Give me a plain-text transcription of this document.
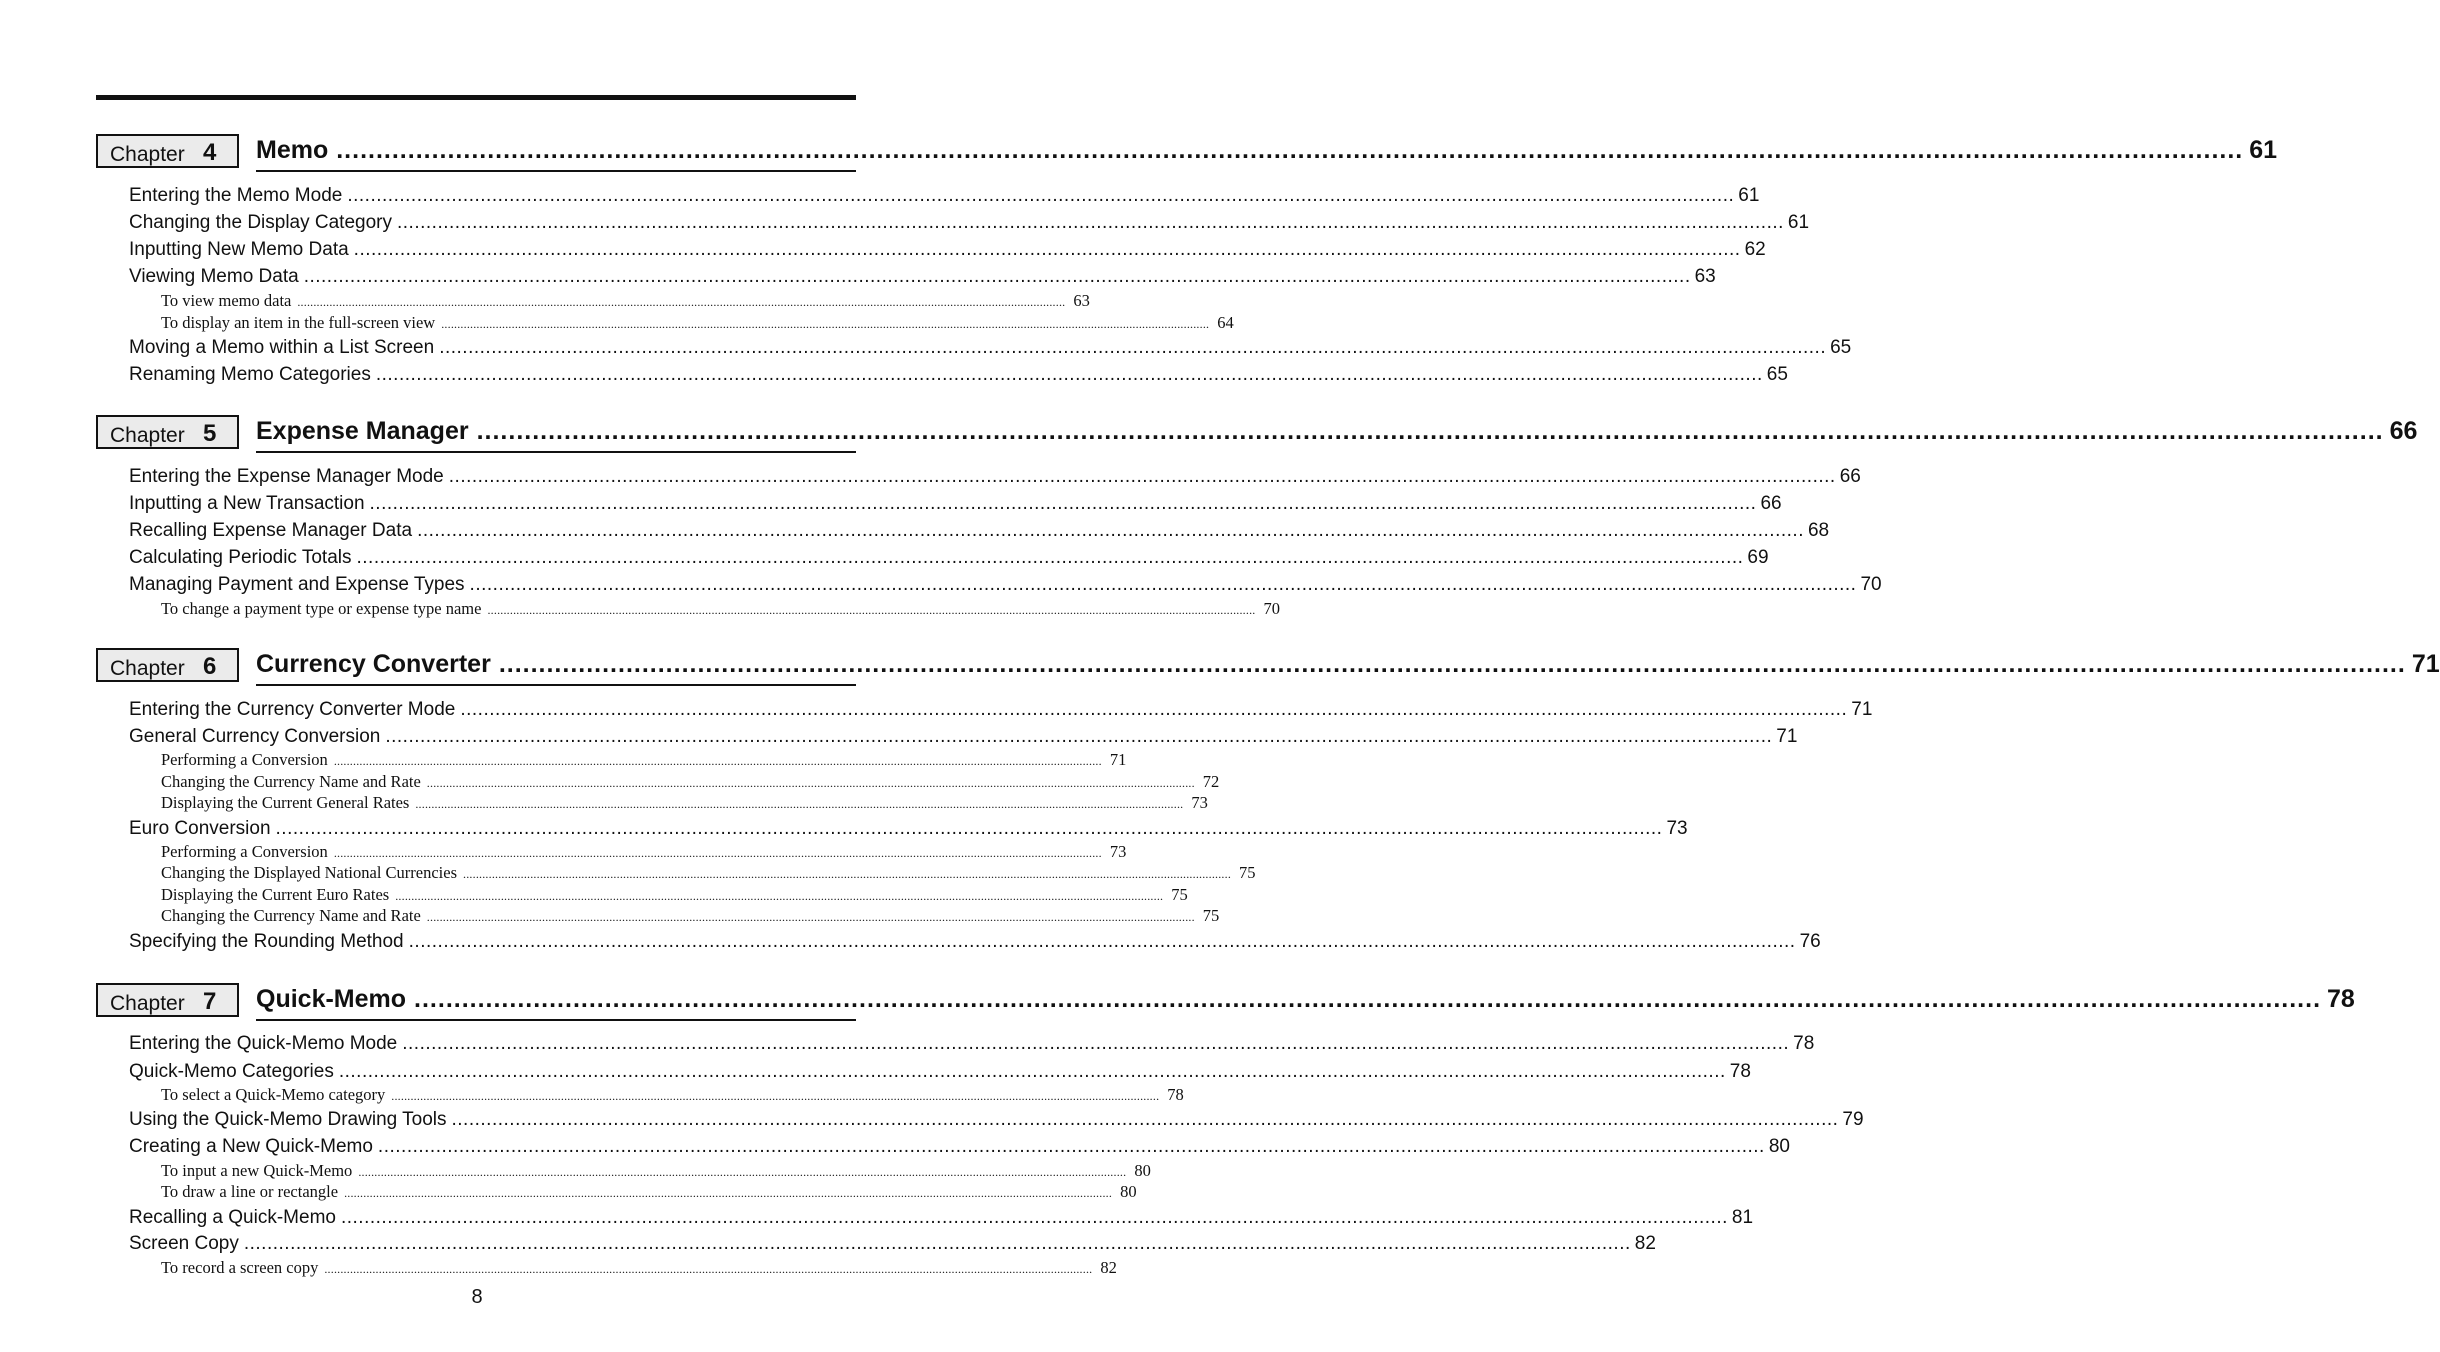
Chapter 4 Memo ................................................................................................................................................................................................................................................ 61
Entering the Memo Mode ................................................................................................................................................................................................................................................ 61
Changing the Display Category ................................................................................................................................................................................................................................................ 61
Inputting New Memo Data ................................................................................................................................................................................................................................................ 62
Viewing Memo Data ................................................................................................................................................................................................................................................ 63
To view memo data ................................................................................................................................................................................................................................................ 63
To display an item in the full-screen view ................................................................................................................................................................................................................................................ 64
Moving a Memo within a List Screen ................................................................................................................................................................................................................................................ 65
Renaming Memo Categories ................................................................................................................................................................................................................................................ 65
Chapter 5 Expense Manager ................................................................................................................................................................................................................................................ 66
Entering the Expense Manager Mode ................................................................................................................................................................................................................................................ 66
Inputting a New Transaction ................................................................................................................................................................................................................................................ 66
Recalling Expense Manager Data ................................................................................................................................................................................................................................................ 68
Calculating Periodic Totals ................................................................................................................................................................................................................................................ 69
Managing Payment and Expense Types ................................................................................................................................................................................................................................................ 70
To change a payment type or expense type name ................................................................................................................................................................................................................................................ 70
Chapter 6 Currency Converter ................................................................................................................................................................................................................................................ 71
Entering the Currency Converter Mode ................................................................................................................................................................................................................................................ 71
General Currency Conversion ................................................................................................................................................................................................................................................ 71
Performing a Conversion ................................................................................................................................................................................................................................................ 71
Changing the Currency Name and Rate ................................................................................................................................................................................................................................................ 72
Displaying the Current General Rates ................................................................................................................................................................................................................................................ 73
Euro Conversion ................................................................................................................................................................................................................................................ 73
Performing a Conversion ................................................................................................................................................................................................................................................ 73
Changing the Displayed National Currencies ................................................................................................................................................................................................................................................ 75
Displaying the Current Euro Rates ................................................................................................................................................................................................................................................ 75
Changing the Currency Name and Rate ................................................................................................................................................................................................................................................ 75
Specifying the Rounding Method ................................................................................................................................................................................................................................................ 76
Chapter 7 Quick-Memo ................................................................................................................................................................................................................................................ 78
Entering the Quick-Memo Mode ................................................................................................................................................................................................................................................ 78
Quick-Memo Categories ................................................................................................................................................................................................................................................ 78
To select a Quick-Memo category ................................................................................................................................................................................................................................................ 78
Using the Quick-Memo Drawing Tools ................................................................................................................................................................................................................................................ 79
Creating a New Quick-Memo ................................................................................................................................................................................................................................................ 80
To input a new Quick-Memo ................................................................................................................................................................................................................................................ 80
To draw a line or rectangle ................................................................................................................................................................................................................................................ 80
Recalling a Quick-Memo ................................................................................................................................................................................................................................................ 81
Screen Copy ................................................................................................................................................................................................................................................ 82
To record a screen copy ................................................................................................................................................................................................................................................ 82
8
